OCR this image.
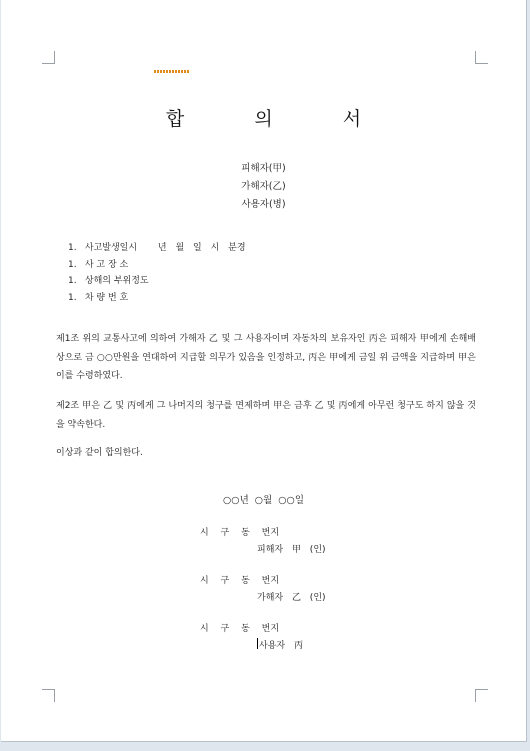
합 의 서
피해자(甲)
가해자(乙)
사용자(병)
1. 사고발생일시 년 월 일 시 분경
1. 사 고 장 소
1. 상해의 부위정도
1. 차 량 번 호
제1조 위의 교통사고에 의하여 가해자 乙 및 그 사용자이며 자동차의 보유자인 丙은 피해자 甲에게 손해배상으로 금 ○○만원을 연대하여 지급할 의무가 있음을 인정하고, 丙은 甲에게 금일 위 금액을 지급하며 甲은 이를 수령하였다.
제2조 甲은 乙 및 丙에게 그 나머지의 청구를 면제하며 甲은 금후 乙 및 丙에게 아무런 청구도 하지 않을 것을 약속한다.
이상과 같이 합의한다.
○○년 ○월 ○○일
시 구 동 번지
피해자 甲 (인)
시 구 동 번지
가해자 乙 (인)
시 구 동 번지
사용자 丙
